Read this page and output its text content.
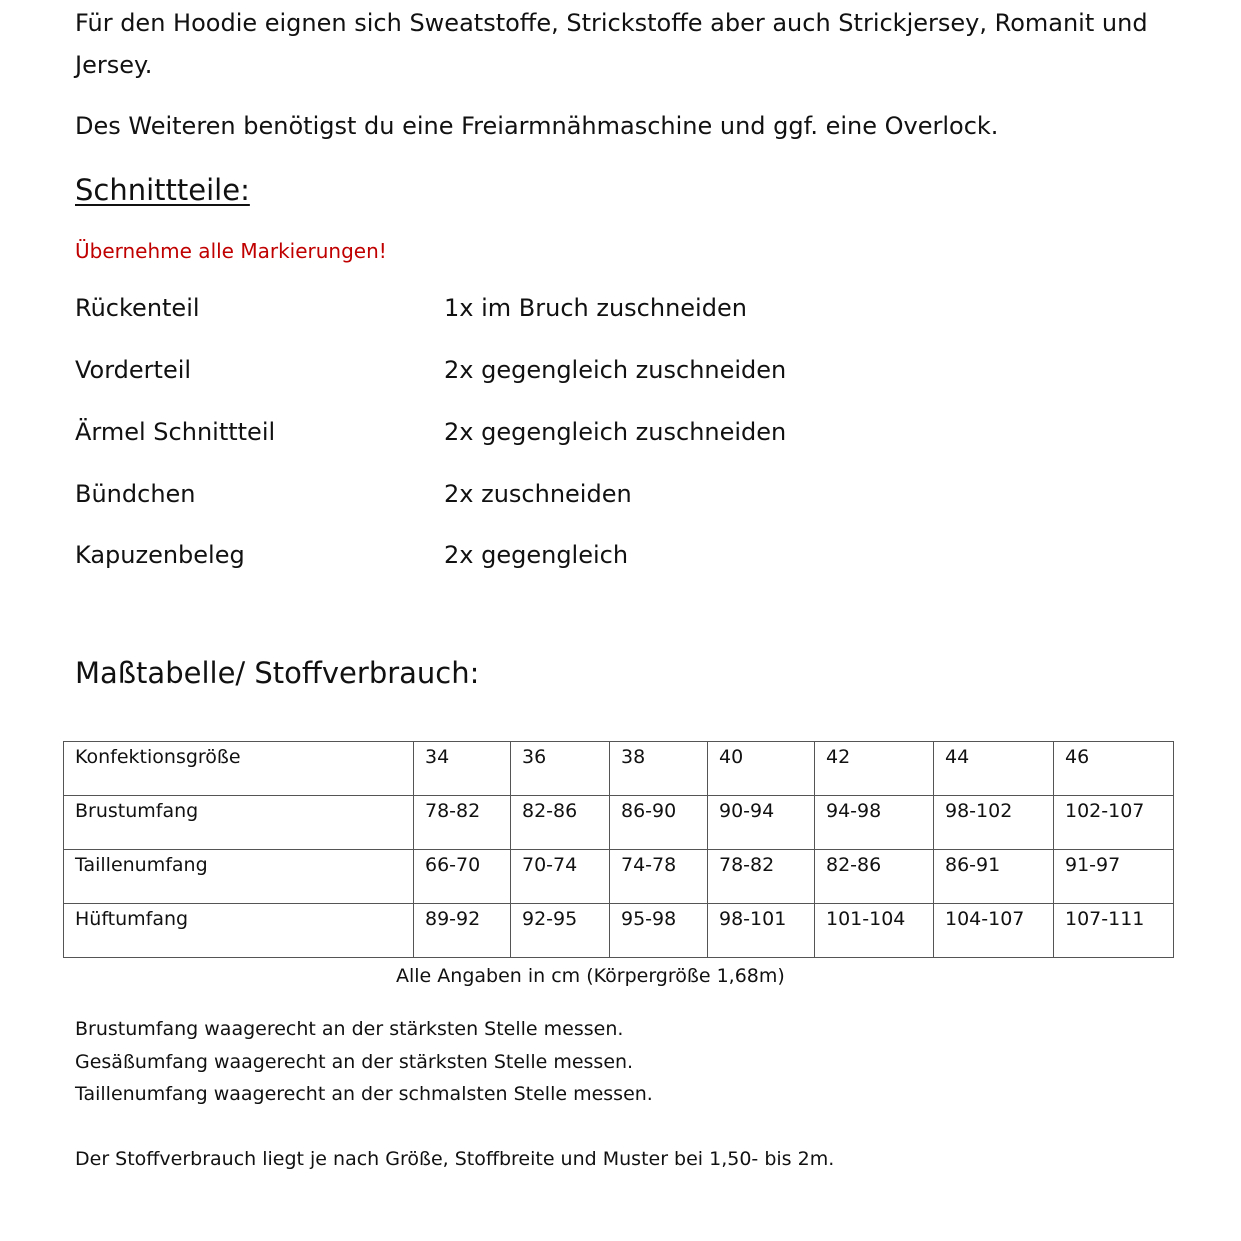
Für den Hoodie eignen sich Sweatstoffe, Strickstoffe aber auch Strickjersey, Romanit und Jersey.
Des Weiteren benötigst du eine Freiarmnähmaschine und ggf. eine Overlock.
Schnittteile:
Übernehme alle Markierungen!
Rückenteil	1x im Bruch zuschneiden
Vorderteil	2x gegengleich zuschneiden
Ärmel Schnittteil	2x gegengleich zuschneiden
Bündchen	2x zuschneiden
Kapuzenbeleg	2x gegengleich
Maßtabelle/ Stoffverbrauch:
Konfektionsgröße	34	36	38	40	42	44	46
Brustumfang	78-82	82-86	86-90	90-94	94-98	98-102	102-107
Taillenumfang	66-70	70-74	74-78	78-82	82-86	86-91	91-97
Hüftumfang	89-92	92-95	95-98	98-101	101-104	104-107	107-111
Alle Angaben in cm (Körpergröße 1,68m)
Brustumfang waagerecht an der stärksten Stelle messen.
Gesäßumfang waagerecht an der stärksten Stelle messen.
Taillenumfang waagerecht an der schmalsten Stelle messen.
Der Stoffverbrauch liegt je nach Größe, Stoffbreite und Muster bei 1,50- bis 2m.
